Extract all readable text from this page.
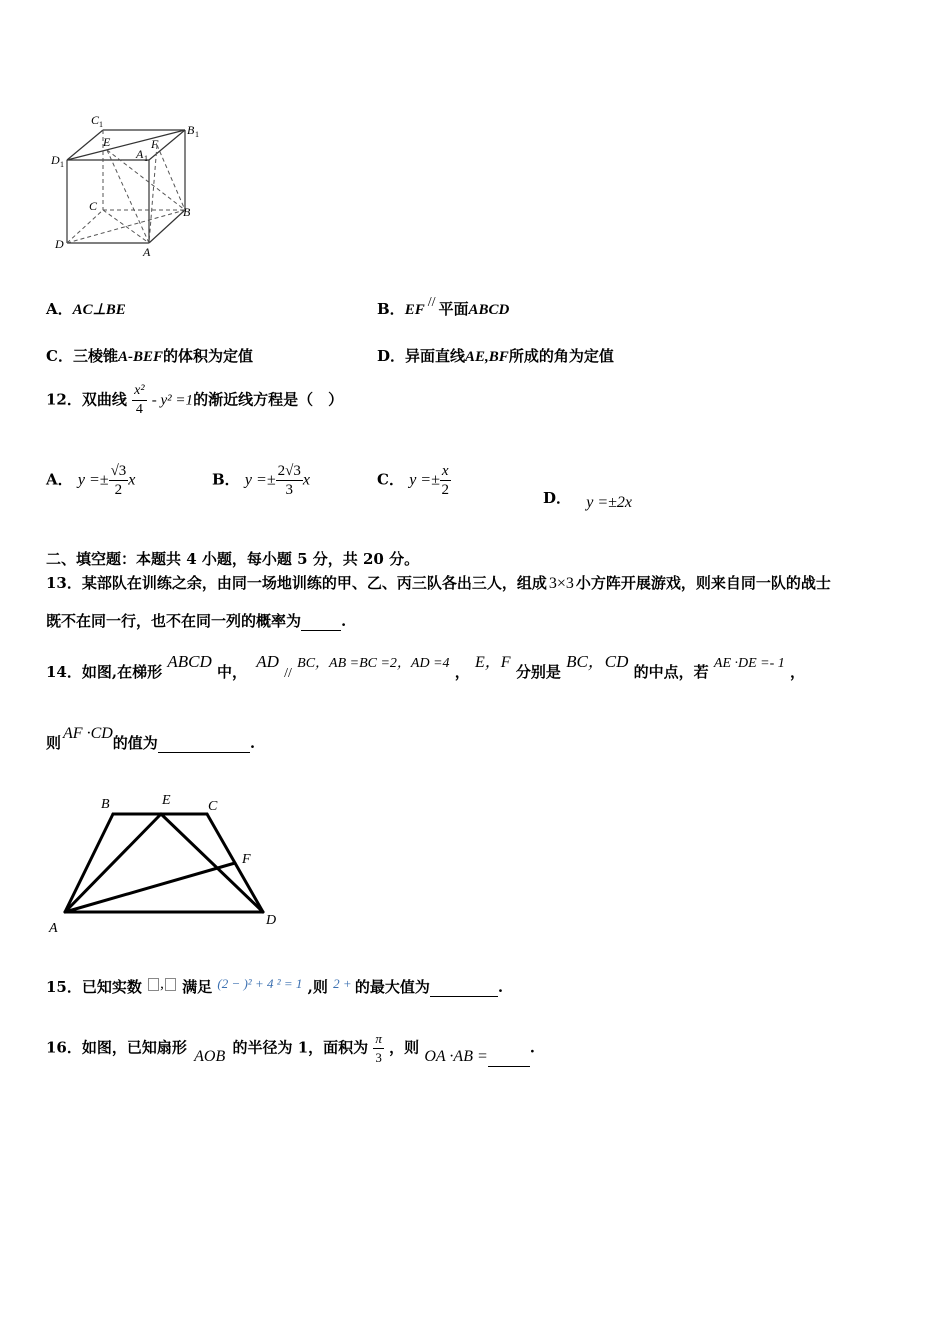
C 1	B 1
D 1
E
A 1
F
C	B
D
A
A．AC⊥BE	B．EF // 平面ABCD
C．三棱锥A-BEF的体积为定值	D．异面直线AE,BF所成的角为定值
12．双曲线 $\frac{\text{x²}}{4} - y^2 =1$的渐近线方程是（　）
A． $y =\pm \frac{√3}{2}$ x	B． $y =\pm \frac{2√3}{3}$ x	C． $y =\pm \frac{x}{2}$	D． y =±2x
二、填空题：本题共 4 小题，每小题 5 分，共 20 分。
13．某部队在训练之余，由同一场地训练的甲、乙、丙三队各出三人，组成 3×3 小方阵开展游戏，则来自同一队的战士
既不在同一行，也不在同一列的概率为	.
14．如图,在梯形 ABCD 中， AD // BC，AB =BC =2，AD =4 ， E，F 分别是 BC，CD 的中点，若 AE ·DE =- 1 ，
则AF ·CD的值为	.
B	E	C
F
A
D
15．已知实数 , 满足 (2 − )² + 4 ² = 1 ,则 2 + 的最大值为	.
16．如图，已知扇形 AOB 的半径为 1，面积为 $\frac{\pi}{3}$ ，则 OA ·AB =	.
